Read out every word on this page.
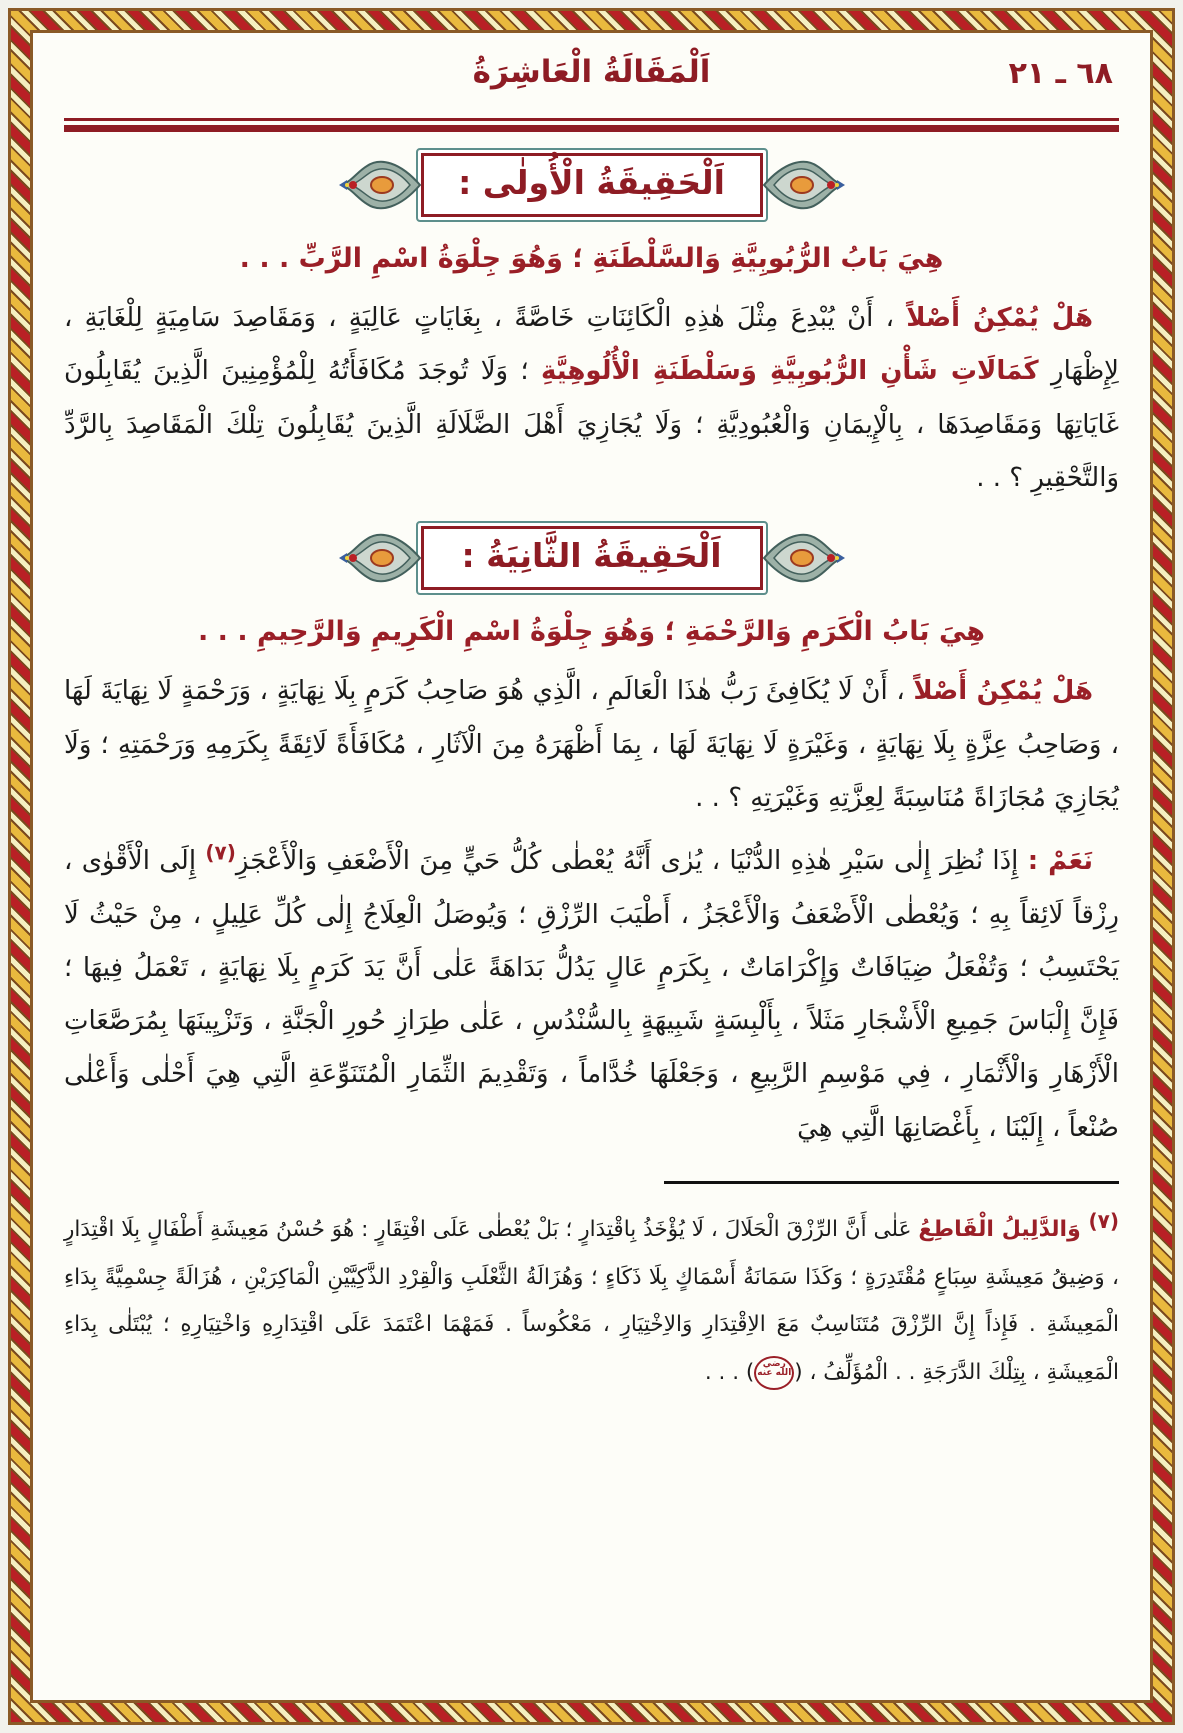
اَلْمَقَالَةُ الْعَاشِرَةُ	٦٨ ـ ٢١
اَلْحَقِيقَةُ الْأُولٰى :
هِيَ بَابُ الرُّبُوبِيَّةِ وَالسَّلْطَنَةِ ؛ وَهُوَ جِلْوَةُ اسْمِ الرَّبِّ . . .

هَلْ يُمْكِنُ أَصْلاً ، أَنْ يُبْدِعَ مِثْلَ هٰذِهِ الْكَائِنَاتِ خَاصَّةً ، بِغَايَاتٍ عَالِيَةٍ ، وَمَقَاصِدَ سَامِيَةٍ لِلْغَايَةِ ، لِإِظْهَارِ كَمَالَاتِ شَأْنِ الرُّبُوبِيَّةِ وَسَلْطَنَةِ الْأُلُوهِيَّةِ ؛ وَلَا تُوجَدَ مُكَافَأَتُهُ لِلْمُؤْمِنِينَ الَّذِينَ يُقَابِلُونَ غَايَاتِهَا وَمَقَاصِدَهَا ، بِالْإِيمَانِ وَالْعُبُودِيَّةِ ؛ وَلَا يُجَازِيَ أَهْلَ الضَّلَالَةِ الَّذِينَ يُقَابِلُونَ تِلْكَ الْمَقَاصِدَ بِالرَّدِّ وَالتَّحْقِيرِ ؟ . .

اَلْحَقِيقَةُ الثَّانِيَةُ :
هِيَ بَابُ الْكَرَمِ وَالرَّحْمَةِ ؛ وَهُوَ جِلْوَةُ اسْمِ الْكَرِيمِ وَالرَّحِيمِ . . .

هَلْ يُمْكِنُ أَصْلاً ، أَنْ لَا يُكَافِئَ رَبُّ هٰذَا الْعَالَمِ ، الَّذِي هُوَ صَاحِبُ كَرَمٍ بِلَا نِهَايَةٍ ، وَرَحْمَةٍ لَا نِهَايَةَ لَهَا ، وَصَاحِبُ عِزَّةٍ بِلَا نِهَايَةٍ ، وَغَيْرَةٍ لَا نِهَايَةَ لَهَا ، بِمَا أَظْهَرَهُ مِنَ الْآثَارِ ، مُكَافَأَةً لَائِقَةً بِكَرَمِهِ وَرَحْمَتِهِ ؛ وَلَا يُجَازِيَ مُجَازَاةً مُنَاسِبَةً لِعِزَّتِهِ وَغَيْرَتِهِ ؟ . .

نَعَمْ : إِذَا نُظِرَ إِلٰى سَيْرِ هٰذِهِ الدُّنْيَا ، يُرٰى أَنَّهُ يُعْطٰى كُلُّ حَيٍّ مِنَ الْأَضْعَفِ وَالْأَعْجَزِ$^{(٧)}$ إِلَى الْأَقْوٰى ، رِزْقاً لَائِقاً بِهِ ؛ وَيُعْطٰى الْأَضْعَفُ وَالْأَعْجَزُ ، أَطْيَبَ الرِّزْقِ ؛ وَيُوصَلُ الْعِلَاجُ إِلٰى كُلِّ عَلِيلٍ ، مِنْ حَيْثُ لَا يَحْتَسِبُ ؛ وَتُفْعَلُ ضِيَافَاتٌ وَإِكْرَامَاتٌ ، بِكَرَمٍ عَالٍ يَدُلُّ بَدَاهَةً عَلٰى أَنَّ يَدَ كَرَمٍ بِلَا نِهَايَةٍ ، تَعْمَلُ فِيهَا ؛ فَإِنَّ إِلْبَاسَ جَمِيعِ الْأَشْجَارِ مَثَلاً ، بِأَلْبِسَةٍ شَبِيهَةٍ بِالسُّنْدُسِ ، عَلٰى طِرَازِ حُورِ الْجَنَّةِ ، وَتَزْيِينَهَا بِمُرَصَّعَاتِ الْأَزْهَارِ وَالْأَثْمَارِ ، فِي مَوْسِمِ الرَّبِيعِ ، وَجَعْلَهَا خُدَّاماً ، وَتَقْدِيمَ الثِّمَارِ الْمُتَنَوِّعَةِ الَّتِي هِيَ أَحْلٰى وَأَعْلٰى صُنْعاً ، إِلَيْنَا ، بِأَغْصَانِهَا الَّتِي هِيَ

(٧) وَالدَّلِيلُ الْقَاطِعُ عَلٰى أَنَّ الرِّزْقَ الْحَلَالَ ، لَا يُؤْخَذُ بِاقْتِدَارٍ ؛ بَلْ يُعْطٰى عَلَى افْتِقَارٍ : هُوَ حُسْنُ مَعِيشَةِ أَطْفَالٍ بِلَا اقْتِدَارٍ ، وَضِيقُ مَعِيشَةِ سِبَاعٍ مُقْتَدِرَةٍ ؛ وَكَذَا سَمَانَةُ أَسْمَاكٍ بِلَا ذَكَاءٍ ؛ وَهُزَالَةُ الثَّعْلَبِ وَالْقِرْدِ الذَّكِيَّيْنِ الْمَاكِرَيْنِ ، هُزَالَةً جِسْمِيَّةً بِدَاءِ الْمَعِيشَةِ . فَإِذاً إِنَّ الرِّزْقَ مُتَنَاسِبٌ مَعَ الاِقْتِدَارِ وَالاِخْتِيَارِ ، مَعْكُوساً . فَمَهْمَا اعْتَمَدَ عَلَى اقْتِدَارِهِ وَاخْتِيَارِهِ ؛ يُبْتَلٰى بِدَاءِ الْمَعِيشَةِ ، بِتِلْكَ الدَّرَجَةِ . . الْمُؤَلِّفُ ، (رضي الله عنه) . . .
